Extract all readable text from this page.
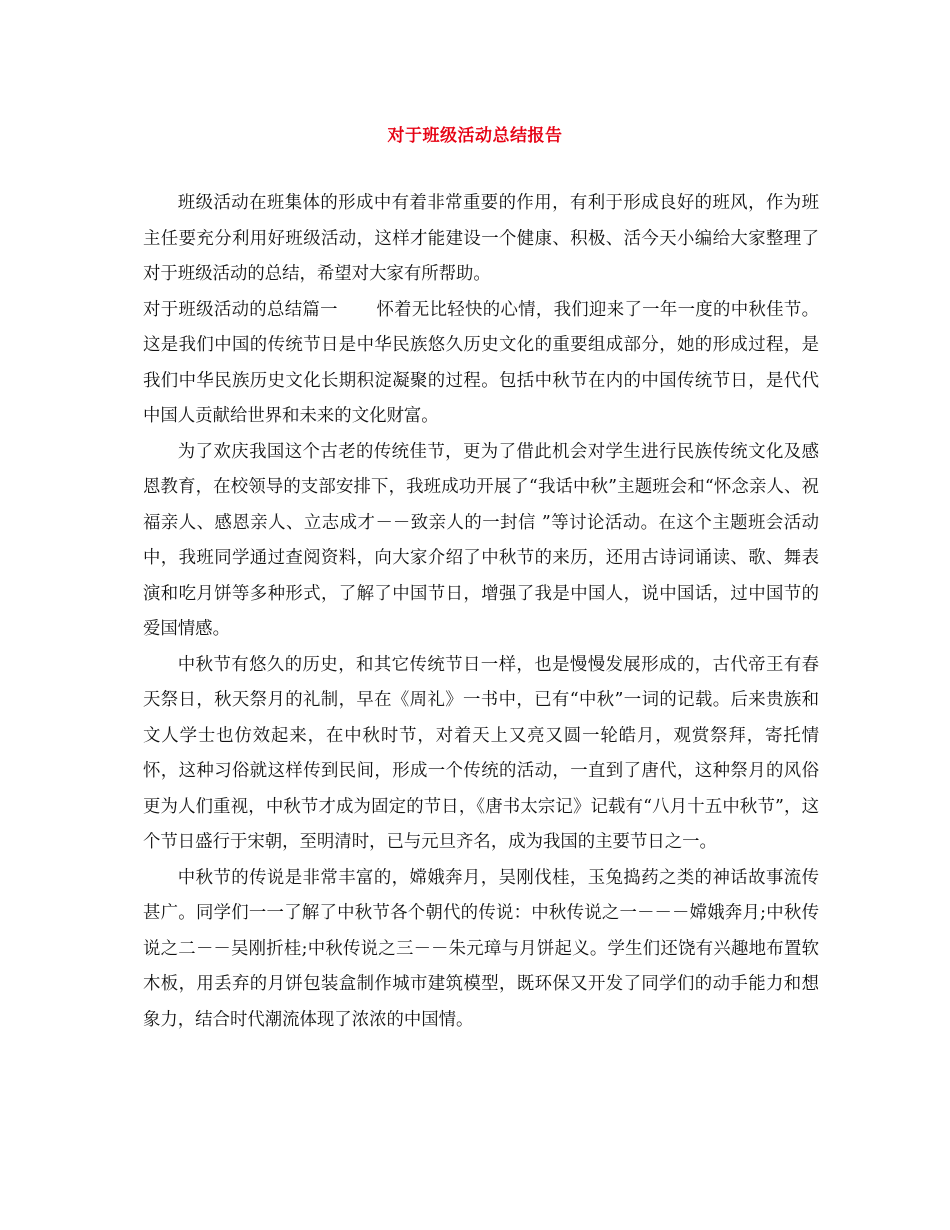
对于班级活动总结报告

班级活动在班集体的形成中有着非常重要的作用，有利于形成良好的班风，作为班主任要充分利用好班级活动，这样才能建设一个健康、积极、活今天小编给大家整理了对于班级活动的总结，希望对大家有所帮助。

对于班级活动的总结篇一 怀着无比轻快的心情，我们迎来了一年一度的中秋佳节。这是我们中国的传统节日是中华民族悠久历史文化的重要组成部分，她的形成过程，是我们中华民族历史文化长期积淀凝聚的过程。包括中秋节在内的中国传统节日，是代代中国人贡献给世界和未来的文化财富。

为了欢庆我国这个古老的传统佳节，更为了借此机会对学生进行民族传统文化及感恩教育，在校领导的支部安排下，我班成功开展了“我话中秋”主题班会和“怀念亲人、祝福亲人、感恩亲人、立志成才－－致亲人的一封信 ”等讨论活动。在这个主题班会活动中，我班同学通过查阅资料，向大家介绍了中秋节的来历，还用古诗词诵读、歌、舞表演和吃月饼等多种形式，了解了中国节日，增强了我是中国人，说中国话，过中国节的爱国情感。

中秋节有悠久的历史，和其它传统节日一样，也是慢慢发展形成的，古代帝王有春天祭日，秋天祭月的礼制，早在《周礼》一书中，已有“中秋”一词的记载。后来贵族和文人学士也仿效起来，在中秋时节，对着天上又亮又圆一轮皓月，观赏祭拜，寄托情怀，这种习俗就这样传到民间，形成一个传统的活动，一直到了唐代，这种祭月的风俗更为人们重视，中秋节才成为固定的节日，《唐书太宗记》记载有“八月十五中秋节”，这个节日盛行于宋朝，至明清时，已与元旦齐名，成为我国的主要节日之一。

中秋节的传说是非常丰富的，嫦娥奔月，吴刚伐桂，玉兔捣药之类的神话故事流传甚广。同学们一一了解了中秋节各个朝代的传说：中秋传说之一－－－嫦娥奔月;中秋传说之二－－吴刚折桂;中秋传说之三－－朱元璋与月饼起义。学生们还饶有兴趣地布置软木板，用丢弃的月饼包装盒制作城市建筑模型，既环保又开发了同学们的动手能力和想象力，结合时代潮流体现了浓浓的中国情。
